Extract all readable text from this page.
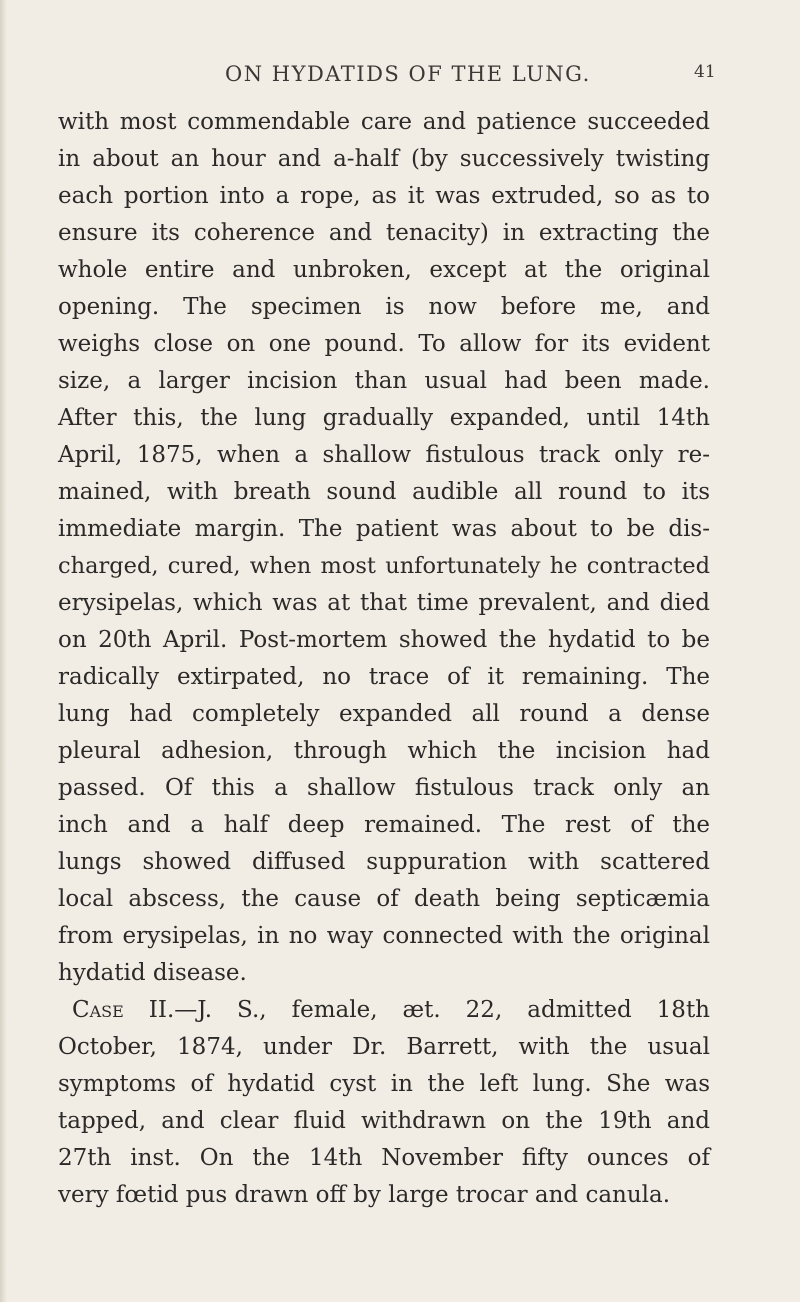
ON HYDATIDS OF THE LUNG.	41
with most commendable care and patience succeeded
in about an hour and a-half (by successively twisting
each portion into a rope, as it was extruded, so as to
ensure its coherence and tenacity) in extracting the
whole entire and unbroken, except at the original
opening. The specimen is now before me, and
weighs close on one pound. To allow for its evident
size, a larger incision than usual had been made.
After this, the lung gradually expanded, until 14th
April, 1875, when a shallow fistulous track only re-
mained, with breath sound audible all round to its
immediate margin. The patient was about to be dis-
charged, cured, when most unfortunately he contracted
erysipelas, which was at that time prevalent, and died
on 20th April. Post-mortem showed the hydatid to be
radically extirpated, no trace of it remaining. The
lung had completely expanded all round a dense
pleural adhesion, through which the incision had
passed. Of this a shallow fistulous track only an
inch and a half deep remained. The rest of the
lungs showed diffused suppuration with scattered
local abscess, the cause of death being septicæmia
from erysipelas, in no way connected with the original
hydatid disease.
Case II.—J. S., female, æt. 22, admitted 18th
October, 1874, under Dr. Barrett, with the usual
symptoms of hydatid cyst in the left lung. She was
tapped, and clear fluid withdrawn on the 19th and
27th inst. On the 14th November fifty ounces of
very fœtid pus drawn off by large trocar and canula.
